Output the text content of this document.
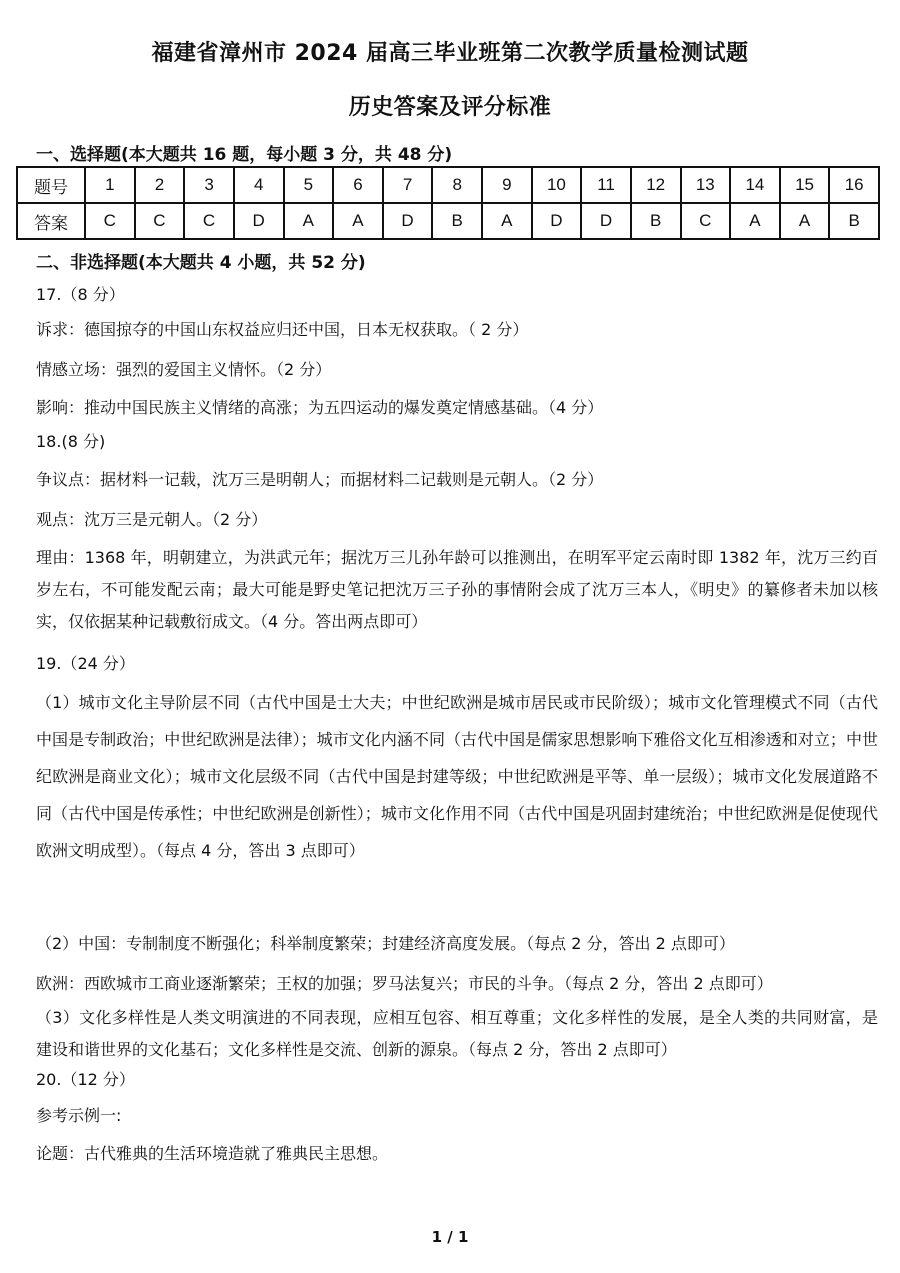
福建省漳州市 2024 届高三毕业班第二次教学质量检测试题
历史答案及评分标准
一、选择题(本大题共 16 题，每小题 3 分，共 48 分)
题号	1	2	3	4	5	6	7	8	9	10	11	12	13	14	15	16
答案	C	C	C	D	A	A	D	B	A	D	D	B	C	A	A	B
二、非选择题(本大题共 4 小题，共 52 分)
17.（8 分）
诉求：德国掠夺的中国山东权益应归还中国，日本无权获取。（ 2 分）
情感立场：强烈的爱国主义情怀。（2 分）
影响：推动中国民族主义情绪的高涨；为五四运动的爆发奠定情感基础。（4 分）
18.(8 分)
争议点：据材料一记载，沈万三是明朝人；而据材料二记载则是元朝人。（2 分）
观点：沈万三是元朝人。（2 分）
理由：1368 年，明朝建立，为洪武元年；据沈万三儿孙年龄可以推测出，在明军平定云南时即 1382 年，沈万三约百岁左右，不可能发配云南；最大可能是野史笔记把沈万三子孙的事情附会成了沈万三本人，《明史》的纂修者未加以核实，仅依据某种记载敷衍成文。（4 分。答出两点即可）
19.（24 分）
（1）城市文化主导阶层不同（古代中国是士大夫；中世纪欧洲是城市居民或市民阶级）；城市文化管理模式不同（古代中国是专制政治；中世纪欧洲是法律）；城市文化内涵不同（古代中国是儒家思想影响下雅俗文化互相渗透和对立；中世纪欧洲是商业文化）；城市文化层级不同（古代中国是封建等级；中世纪欧洲是平等、单一层级）；城市文化发展道路不同（古代中国是传承性；中世纪欧洲是创新性）；城市文化作用不同（古代中国是巩固封建统治；中世纪欧洲是促使现代欧洲文明成型）。（每点 4 分，答出 3 点即可）
（2）中国：专制制度不断强化；科举制度繁荣；封建经济高度发展。（每点 2 分，答出 2 点即可）
欧洲：西欧城市工商业逐渐繁荣；王权的加强；罗马法复兴；市民的斗争。（每点 2 分，答出 2 点即可）
（3）文化多样性是人类文明演进的不同表现，应相互包容、相互尊重；文化多样性的发展，是全人类的共同财富，是建设和谐世界的文化基石；文化多样性是交流、创新的源泉。（每点 2 分，答出 2 点即可）
20.（12 分）
参考示例一:
论题：古代雅典的生活环境造就了雅典民主思想。
1 / 1
